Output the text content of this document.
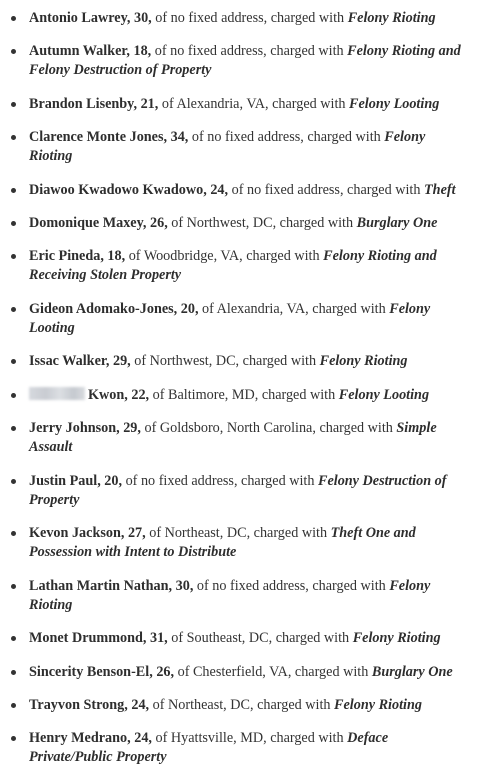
Antonio Lawrey, 30, of no fixed address, charged with Felony Rioting
Autumn Walker, 18, of no fixed address, charged with Felony Rioting and Felony Destruction of Property
Brandon Lisenby, 21, of Alexandria, VA, charged with Felony Looting
Clarence Monte Jones, 34, of no fixed address, charged with Felony Rioting
Diawoo Kwadowo Kwadowo, 24, of no fixed address, charged with Theft
Domonique Maxey, 26, of Northwest, DC, charged with Burglary One
Eric Pineda, 18, of Woodbridge, VA, charged with Felony Rioting and Receiving Stolen Property
Gideon Adomako-Jones, 20, of Alexandria, VA, charged with Felony Looting
Issac Walker, 29, of Northwest, DC, charged with Felony Rioting
Kwon, 22, of Baltimore, MD, charged with Felony Looting
Jerry Johnson, 29, of Goldsboro, North Carolina, charged with Simple Assault
Justin Paul, 20, of no fixed address, charged with Felony Destruction of Property
Kevon Jackson, 27, of Northeast, DC, charged with Theft One and Possession with Intent to Distribute
Lathan Martin Nathan, 30, of no fixed address, charged with Felony Rioting
Monet Drummond, 31, of Southeast, DC, charged with Felony Rioting
Sincerity Benson-El, 26, of Chesterfield, VA, charged with Burglary One
Trayvon Strong, 24, of Northeast, DC, charged with Felony Rioting
Henry Medrano, 24, of Hyattsville, MD, charged with Deface Private/Public Property
